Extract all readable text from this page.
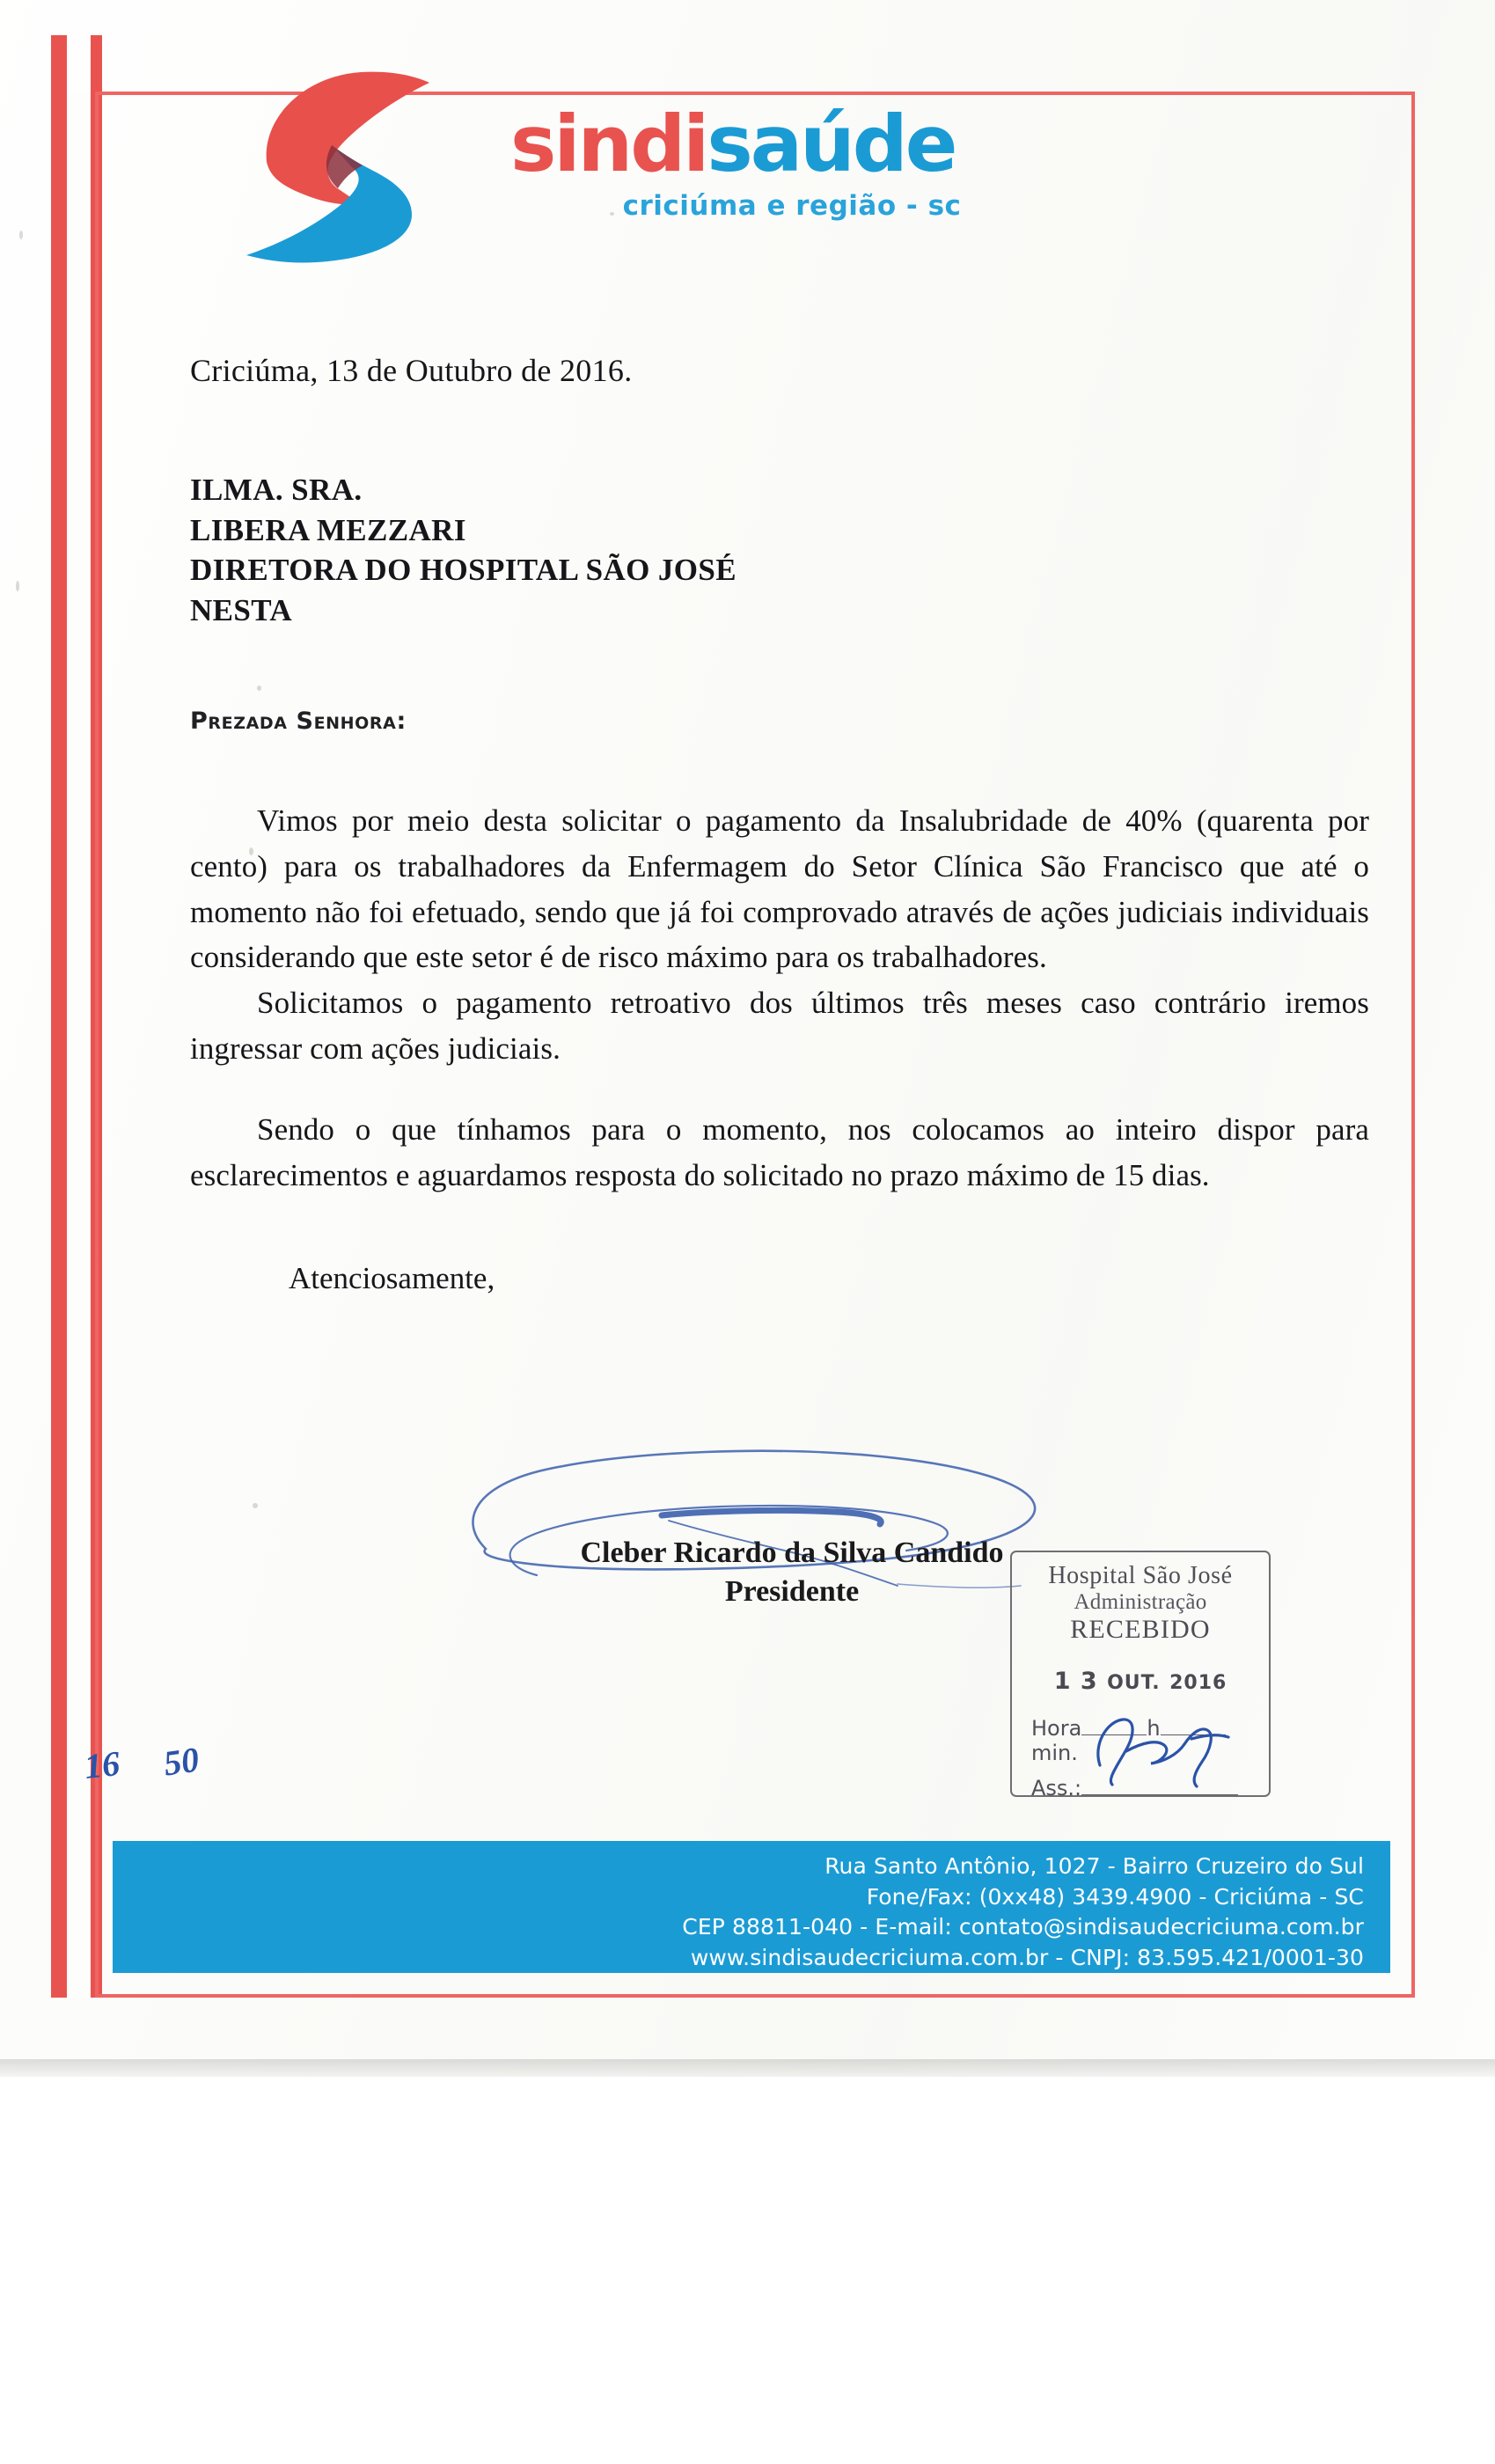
sindisaúde
criciúma e região - sc
Criciúma, 13 de Outubro de 2016.
ILMA. SRA.
LIBERA MEZZARI
DIRETORA DO HOSPITAL SÃO JOSÉ
NESTA
Prezada Senhora:

Vimos por meio desta solicitar o pagamento da Insalubridade de 40% (quarenta por cento) para os trabalhadores da Enfermagem do Setor Clínica São Francisco que até o momento não foi efetuado, sendo que já foi comprovado através de ações judiciais individuais considerando que este setor é de risco máximo para os trabalhadores.

Solicitamos o pagamento retroativo dos últimos três meses caso contrário iremos ingressar com ações judiciais.

Sendo o que tínhamos para o momento, nos colocamos ao inteiro dispor para esclarecimentos e aguardamos resposta do solicitado no prazo máximo de 15 dias.

Atenciosamente,
Cleber Ricardo da Silva Candido
Presidente	Hospital São José
Administração
RECEBIDO
1 3 OUT. 2016
Hora	hmin.
Ass.:
16 50
Rua Santo Antônio, 1027 - Bairro Cruzeiro do Sul
Fone/Fax: (0xx48) 3439.4900 - Criciúma - SC
CEP 88811-040 - E-mail: contato@sindisaudecriciuma.com.br
www.sindisaudecriciuma.com.br - CNPJ: 83.595.421/0001-30
